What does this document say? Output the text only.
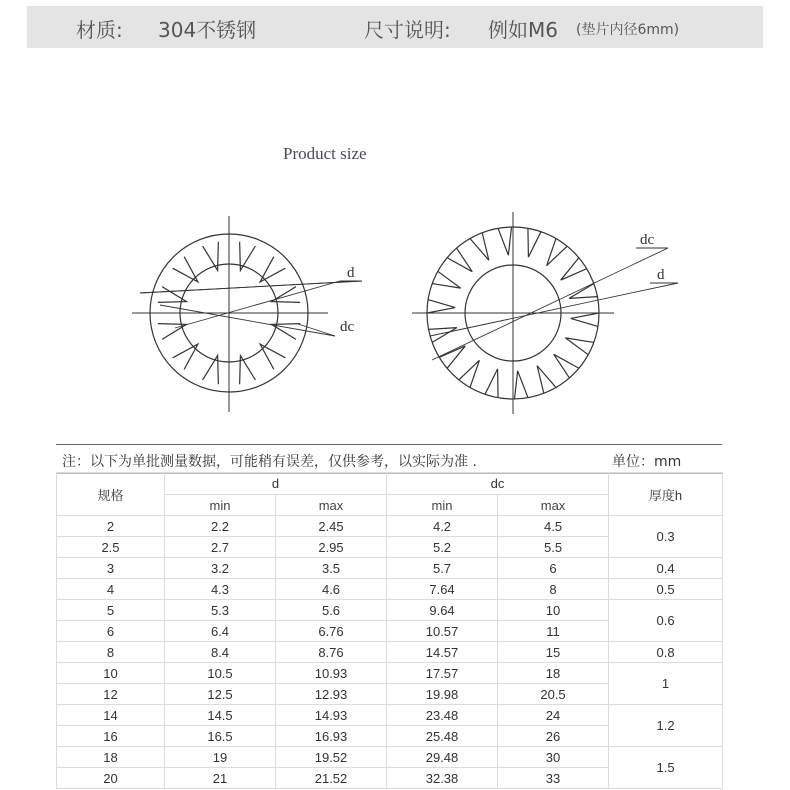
材质: 304不锈钢	尺寸说明: 例如M6 (垫片内径6mm)
Product size
d
dc
dc
d
注：以下为单批测量数据，可能稍有误差，仅供参考，以实际为准 .	单位：mm
规格	d		dc		厚度h
	min	max	min	max	
2	2.2	2.45	4.2	4.5	0.3
2.5	2.7	2.95	5.2	5.5	
3	3.2	3.5	5.7	6	0.4
4	4.3	4.6	7.64	8	0.5
5	5.3	5.6	9.64	10	0.6
6	6.4	6.76	10.57	11	
8	8.4	8.76	14.57	15	0.8
10	10.5	10.93	17.57	18	1
12	12.5	12.93	19.98	20.5	
14	14.5	14.93	23.48	24	1.2
16	16.5	16.93	25.48	26	
18	19	19.52	29.48	30	1.5
20	21	21.52	32.38	33	
